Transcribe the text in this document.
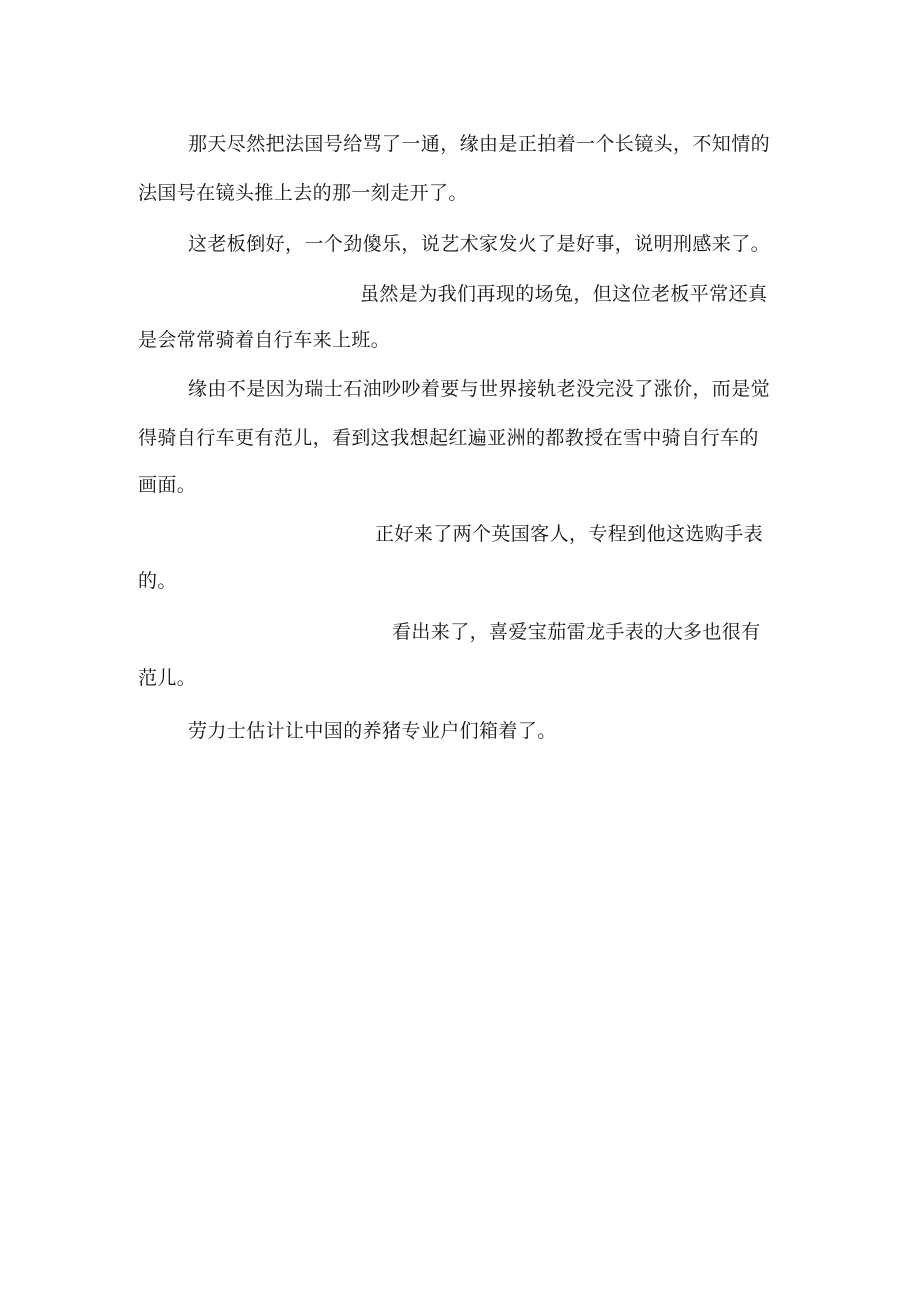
那天尽然把法国号给骂了一通，缘由是正拍着一个长镜头，不知情的
法国号在镜头推上去的那一刻走开了。
这老板倒好，一个劲傻乐，说艺术家发火了是好事，说明刑感来了。
虽然是为我们再现的场兔，但这位老板平常还真
是会常常骑着自行车来上班。
缘由不是因为瑞士石油吵吵着要与世界接轨老没完没了涨价，而是觉
得骑自行车更有范儿，看到这我想起红遍亚洲的都教授在雪中骑自行车的
画面。
正好来了两个英国客人，专程到他这选购手表
的。
看出来了，喜爱宝茄雷龙手表的大多也很有
范儿。
劳力士估计让中国的养猪专业户们箱着了。
